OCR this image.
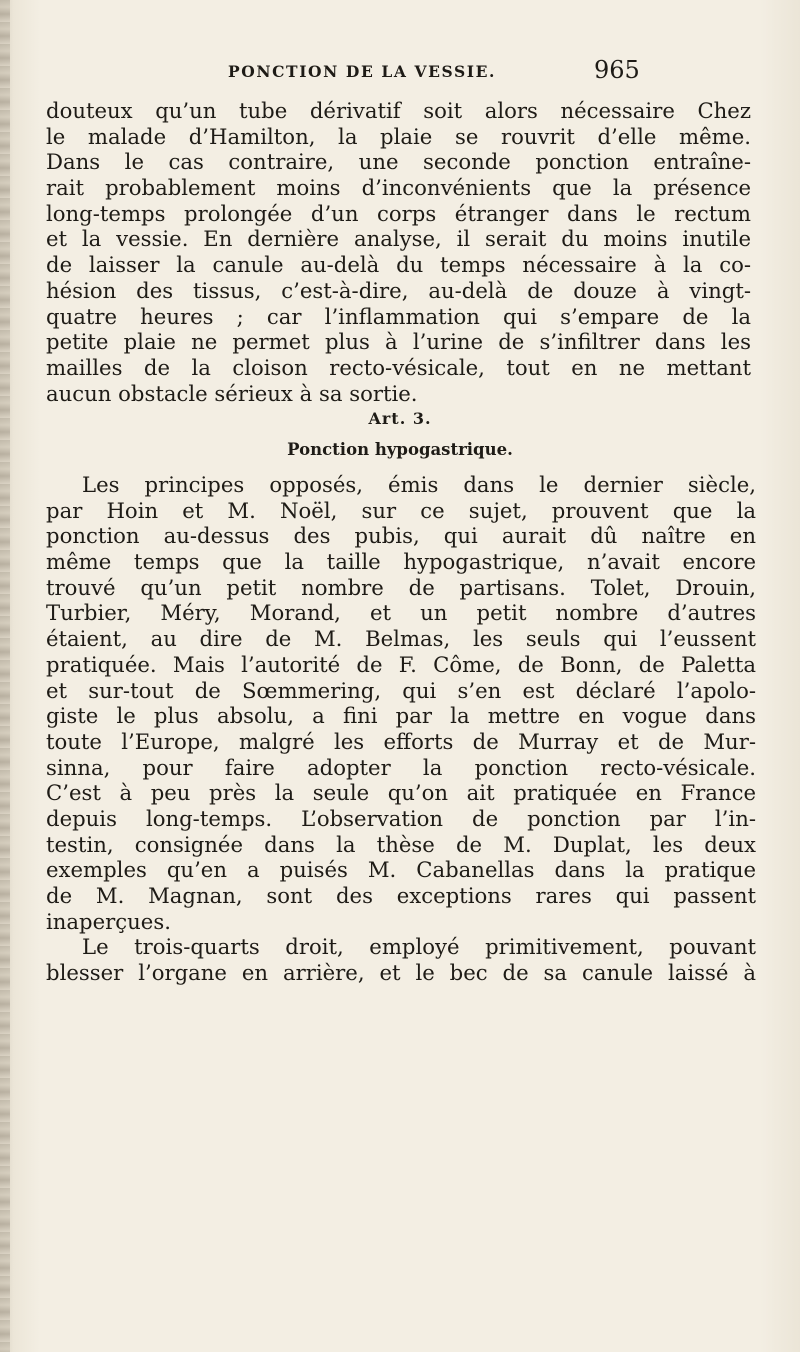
PONCTION DE LA VESSIE.	965
douteux qu’un tube dérivatif soit alors nécessaire Chez
le malade d’Hamilton, la plaie se rouvrit d’elle même.
Dans le cas contraire, une seconde ponction entraîne-
rait probablement moins d’inconvénients que la présence
long-temps prolongée d’un corps étranger dans le rectum
et la vessie. En dernière analyse, il serait du moins inutile
de laisser la canule au-delà du temps nécessaire à la co-
hésion des tissus, c’est-à-dire, au-delà de douze à vingt-
quatre heures ; car l’inflammation qui s’empare de la
petite plaie ne permet plus à l’urine de s’infiltrer dans les
mailles de la cloison recto-vésicale, tout en ne mettant
aucun obstacle sérieux à sa sortie.
Art. 3.
Ponction hypogastrique.
Les principes opposés, émis dans le dernier siècle,
par Hoin et M. Noël, sur ce sujet, prouvent que la
ponction au-dessus des pubis, qui aurait dû naître en
même temps que la taille hypogastrique, n’avait encore
trouvé qu’un petit nombre de partisans. Tolet, Drouin,
Turbier, Méry, Morand, et un petit nombre d’autres
étaient, au dire de M. Belmas, les seuls qui l’eussent
pratiquée. Mais l’autorité de F. Côme, de Bonn, de Paletta
et sur-tout de Sœmmering, qui s’en est déclaré l’apolo-
giste le plus absolu, a fini par la mettre en vogue dans
toute l’Europe, malgré les efforts de Murray et de Mur-
sinna, pour faire adopter la ponction recto-vésicale.
C’est à peu près la seule qu’on ait pratiquée en France
depuis long-temps. L’observation de ponction par l’in-
testin, consignée dans la thèse de M. Duplat, les deux
exemples qu’en a puisés M. Cabanellas dans la pratique
de M. Magnan, sont des exceptions rares qui passent
inaperçues.
Le trois-quarts droit, employé primitivement, pouvant
blesser l’organe en arrière, et le bec de sa canule laissé à
